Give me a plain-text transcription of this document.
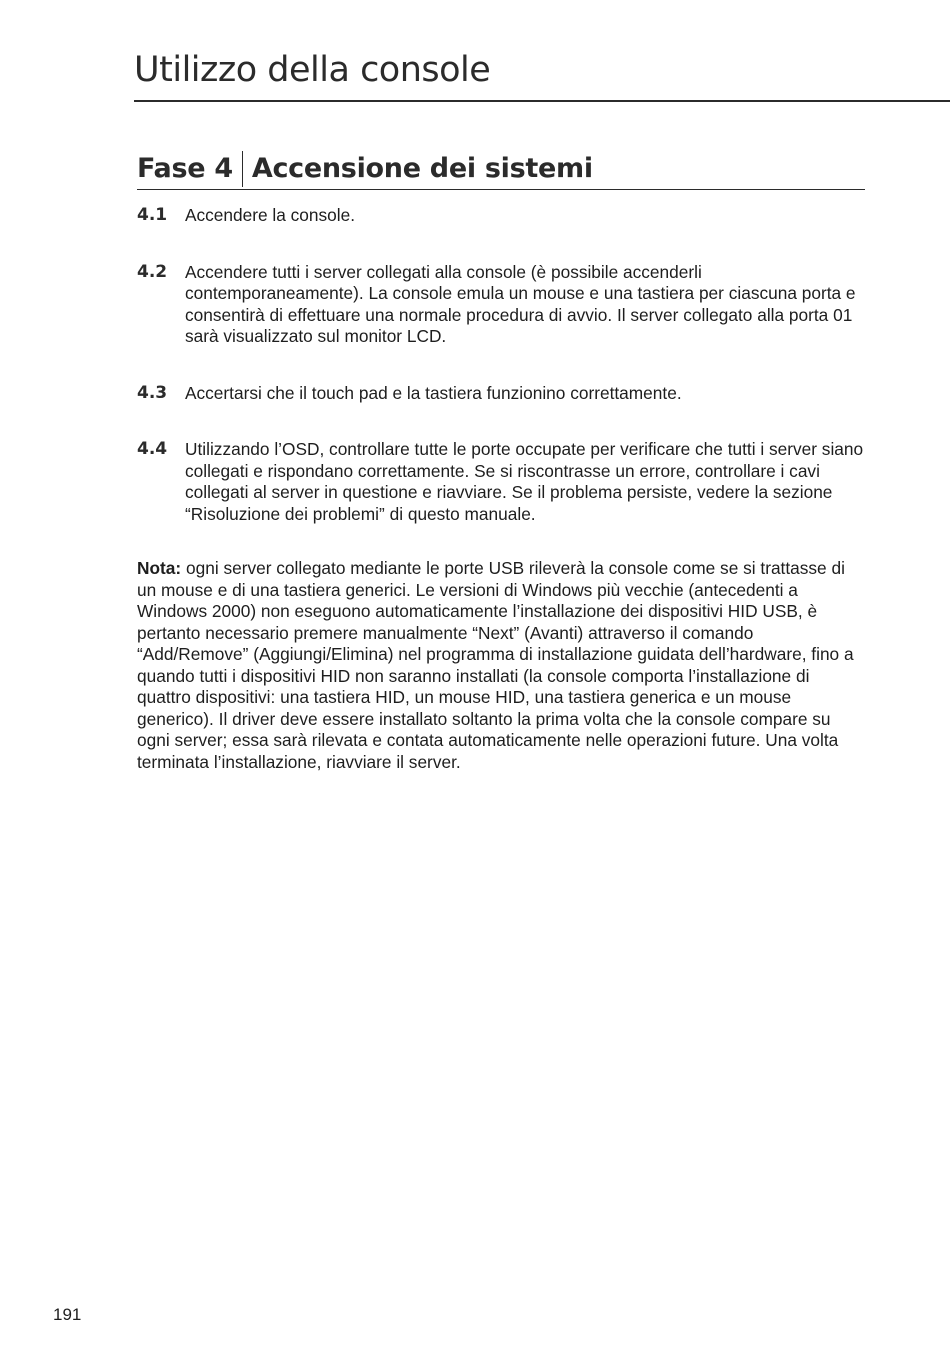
Utilizzo della console
Fase 4 Accensione dei sistemi
4.1 Accendere la console.
4.2 Accendere tutti i server collegati alla console (è possibile accenderli contemporaneamente). La console emula un mouse e una tastiera per ciascuna porta e consentirà di effettuare una normale procedura di avvio. Il server collegato alla porta 01 sarà visualizzato sul monitor LCD.
4.3 Accertarsi che il touch pad e la tastiera funzionino correttamente.
4.4 Utilizzando l’OSD, controllare tutte le porte occupate per verificare che tutti i server siano collegati e rispondano correttamente. Se si riscontrasse un errore, controllare i cavi collegati al server in questione e riavviare. Se il problema persiste, vedere la sezione “Risoluzione dei problemi” di questo manuale.

Nota: ogni server collegato mediante le porte USB rileverà la console come se si trattasse di un mouse e di una tastiera generici. Le versioni di Windows più vecchie (antecedenti a Windows 2000) non eseguono automaticamente l’installazione dei dispositivi HID USB, è pertanto necessario premere manualmente “Next” (Avanti) attraverso il comando “Add/Remove” (Aggiungi/Elimina) nel programma di installazione guidata dell’hardware, fino a quando tutti i dispositivi HID non saranno installati (la console comporta l’installazione di quattro dispositivi: una tastiera HID, un mouse HID, una tastiera generica e un mouse generico). Il driver deve essere installato soltanto la prima volta che la console compare su ogni server; essa sarà rilevata e contata automaticamente nelle operazioni future. Una volta terminata l’installazione, riavviare il server.

191
